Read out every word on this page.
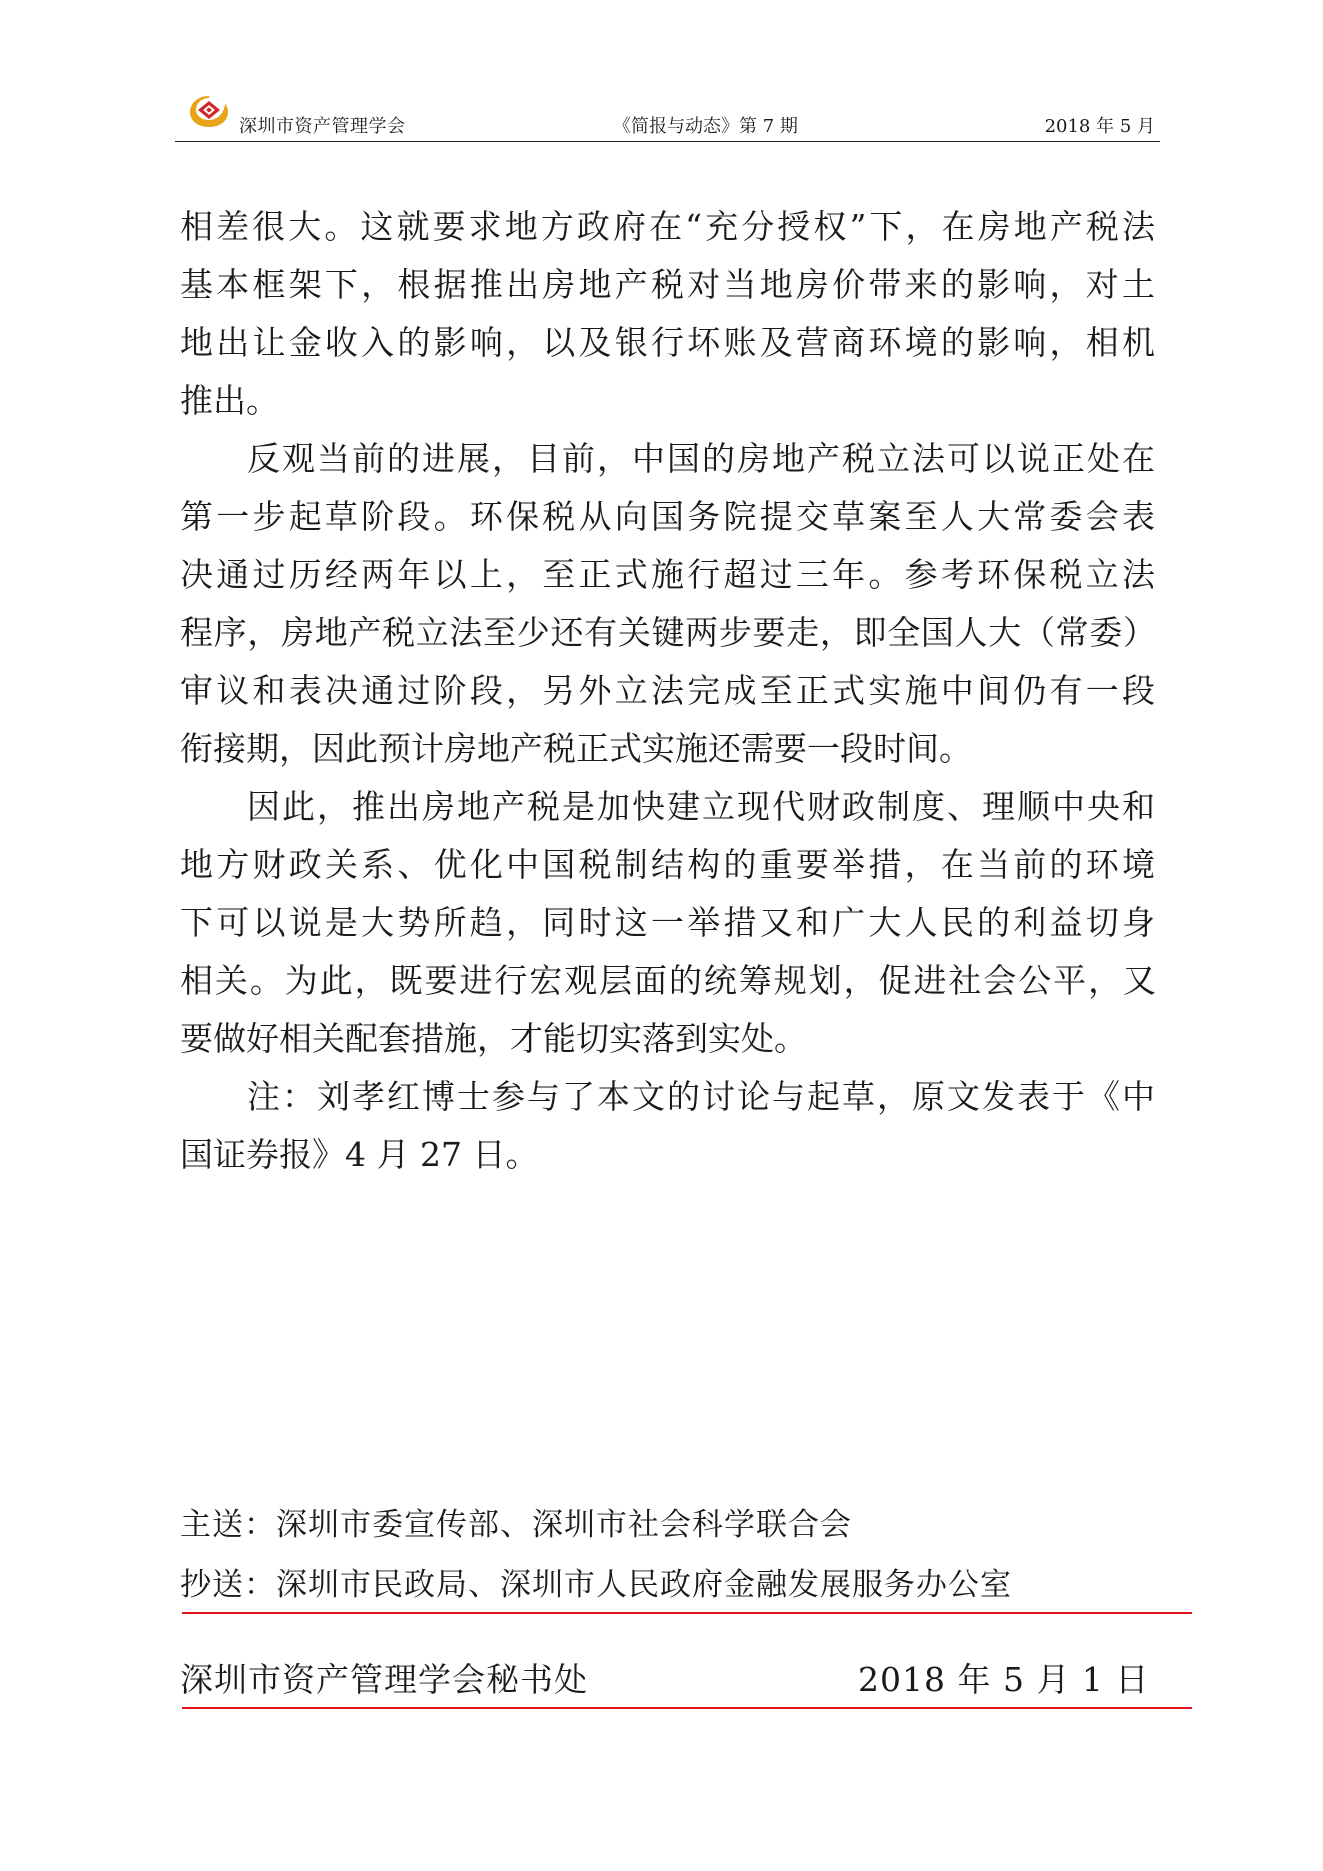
深圳市资产管理学会	《简报与动态》第 7 期	2018 年 5 月
相差很大。这就要求地方政府在“充分授权”下，在房地产税法
基本框架下，根据推出房地产税对当地房价带来的影响，对土
地出让金收入的影响，以及银行坏账及营商环境的影响，相机
推出。
反观当前的进展，目前，中国的房地产税立法可以说正处在
第一步起草阶段。环保税从向国务院提交草案至人大常委会表
决通过历经两年以上，至正式施行超过三年。参考环保税立法
程序，房地产税立法至少还有关键两步要走，即全国人大（常委）
审议和表决通过阶段，另外立法完成至正式实施中间仍有一段
衔接期，因此预计房地产税正式实施还需要一段时间。
因此，推出房地产税是加快建立现代财政制度、理顺中央和
地方财政关系、优化中国税制结构的重要举措，在当前的环境
下可以说是大势所趋，同时这一举措又和广大人民的利益切身
相关。为此，既要进行宏观层面的统筹规划，促进社会公平，又
要做好相关配套措施，才能切实落到实处。
注：刘孝红博士参与了本文的讨论与起草，原文发表于《中
国证券报》4 月 27 日。
主送：深圳市委宣传部、深圳市社会科学联合会
抄送：深圳市民政局、深圳市人民政府金融发展服务办公室
深圳市资产管理学会秘书处	2018 年 5 月 1 日
